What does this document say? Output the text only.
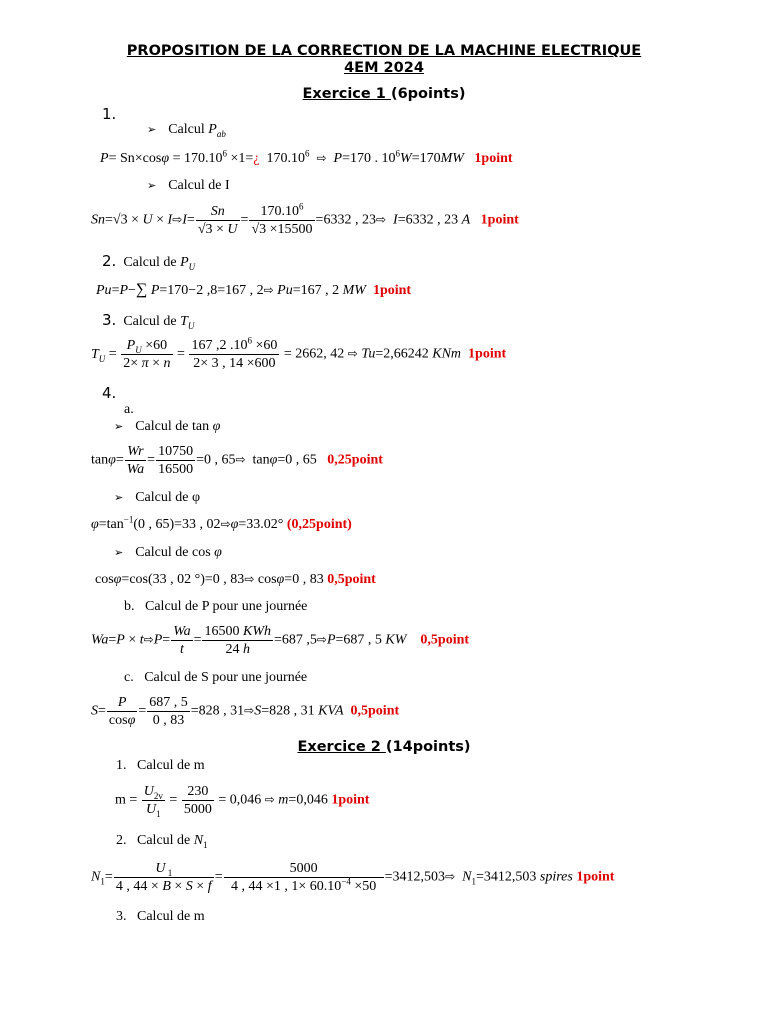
PROPOSITION DE LA CORRECTION DE LA MACHINE ELECTRIQUE
4EM 2024
Exercice 1 (6points)
1.
➢ Calcul $P_{ab}$
$P= Sn\times\cos\varphi = 170.10^6$ ×1=¿  170.10$^6$ ⇨ P=170 . $10^6W=170MW$ 1point
➢ Calcul de I
Sn=√3 × U × I⇨I= $\frac{Sn}{√3 \times U} = \frac{170.10^6}{√3 \times 15500} =6332$ , 23⇨ I=6332 , 23 A 1point
2. Calcul de $P_U$
Pu=P−∑ P=170−2 ,8=167 , 2⇨ Pu=167 , 2 MW 1point
3. Calcul de $T_U$
$T_U = \frac{P_U \times 60}{2\times \pi \times n} = \frac{167 ,2 .10^6 \times 60}{2\times 3 , 14 \times 600} = 2662$, 42 ⇨ Tu=2,66242 KNm 1point
4.
a.
➢ Calcul de tan φ
$\tan\varphi= \frac{Wr}{Wa} = \frac{10750}{16500} =0$ , 65⇨  tanφ=0 , 65   0,25point
➢ Calcul de φ
$\varphi=\tan^{-1}(0$ , 65)=33 , 02⇨φ=33.02° (0,25point)
➢ Calcul de cos φ
cosφ=cos(33 , 02 °)=0 , 83⇨ cosφ=0 , 83 0,5point
b. Calcul de P pour une journée
Wa=P × t⇨P= $\frac{Wa}{t} = \frac{\text{16500 KWh}}{24 h} =687$ ,5⇨P=687 , 5 KW 0,5point
c. Calcul de S pour une journée
$S= \frac{P}{\cos\varphi} = \frac{687 , 5}{0 , 83} =828$ , 31⇨S=828 , 31 KVA 0,5point
Exercice 2 (14points)
1. Calcul de m
$m = \frac{U_{2v}}{U_1} = \frac{230}{5000} = 0,046$ ⇨ m=0,046 1point
2. Calcul de $N_1$
$N_1= \frac{U _1}{4 , 44 \times B \times S \times f} = \frac{5000}{4 , 44 \times 1 , 1\times 60.10^{-4} \times 50}$ =3412,503⇨ $N_1=3412,503$ spires 1point
3. Calcul de m
